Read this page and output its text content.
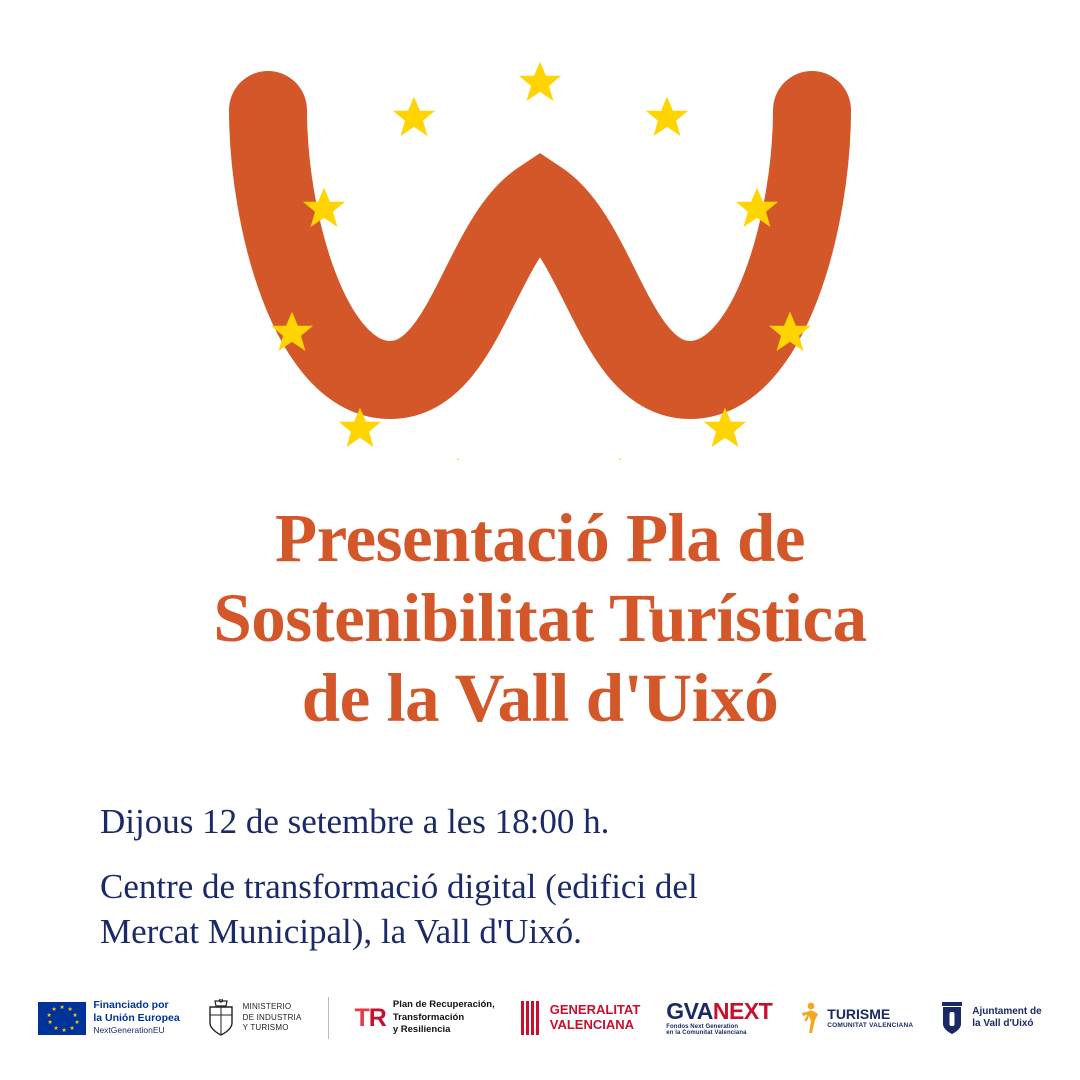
Presentació Pla de
Sostenibilitat Turística
de la Vall d'Uixó
Dijous 12 de setembre a les 18:00 h.
Centre de transformació digital (edifici del
Mercat Municipal), la Vall d'Uixó.
★ ★
★
★
★
★
★
★
★
★	Financiado por
la Unión Europea
NextGenerationEU
MINISTERIO
DE INDUSTRIA
Y TURISMO	TR Plan de Recuperación,
Transformación
y Resiliencia
GENERALITAT
VALENCIANA
GVANEXT
Fondos Next Generation
en la Comunitat Valenciana
TURISME
COMUNITAT VALENCIANA
Ajuntament de
la Vall d'Uixó
